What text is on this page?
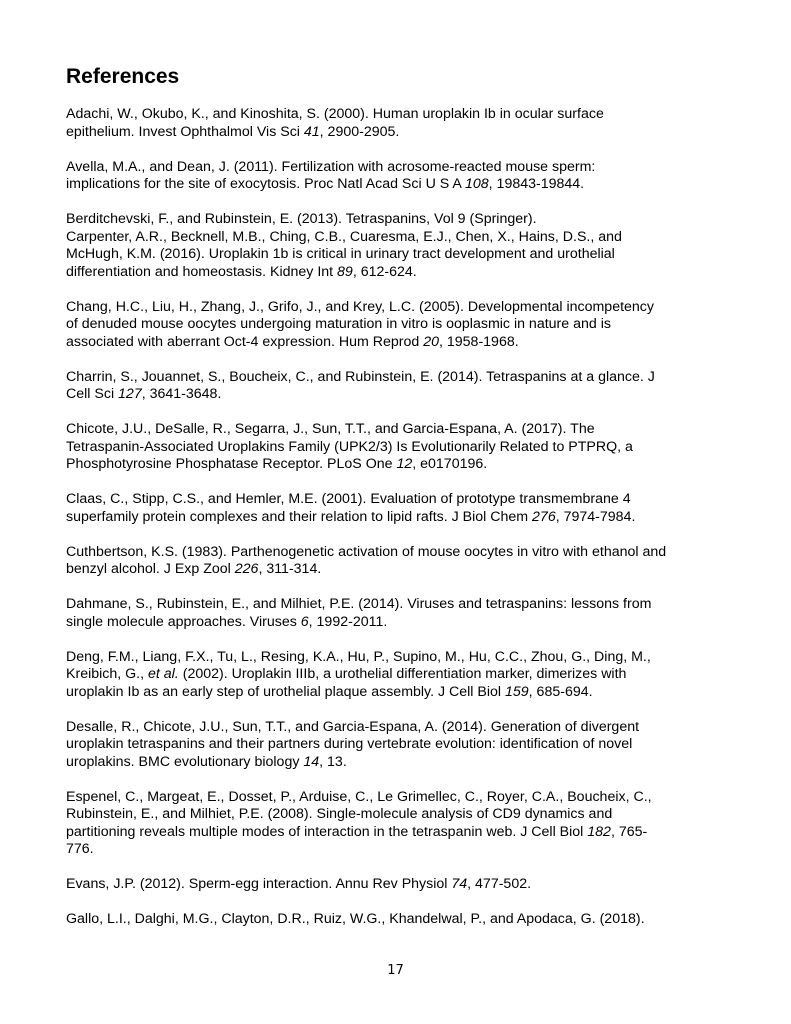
References
Adachi, W., Okubo, K., and Kinoshita, S. (2000). Human uroplakin Ib in ocular surface
epithelium. Invest Ophthalmol Vis Sci 41, 2900-2905.
Avella, M.A., and Dean, J. (2011). Fertilization with acrosome-reacted mouse sperm:
implications for the site of exocytosis. Proc Natl Acad Sci U S A 108, 19843-19844.
Berditchevski, F., and Rubinstein, E. (2013). Tetraspanins, Vol 9 (Springer).
Carpenter, A.R., Becknell, M.B., Ching, C.B., Cuaresma, E.J., Chen, X., Hains, D.S., and
McHugh, K.M. (2016). Uroplakin 1b is critical in urinary tract development and urothelial
differentiation and homeostasis. Kidney Int 89, 612-624.
Chang, H.C., Liu, H., Zhang, J., Grifo, J., and Krey, L.C. (2005). Developmental incompetency
of denuded mouse oocytes undergoing maturation in vitro is ooplasmic in nature and is
associated with aberrant Oct-4 expression. Hum Reprod 20, 1958-1968.
Charrin, S., Jouannet, S., Boucheix, C., and Rubinstein, E. (2014). Tetraspanins at a glance. J
Cell Sci 127, 3641-3648.
Chicote, J.U., DeSalle, R., Segarra, J., Sun, T.T., and Garcia-Espana, A. (2017). The
Tetraspanin-Associated Uroplakins Family (UPK2/3) Is Evolutionarily Related to PTPRQ, a
Phosphotyrosine Phosphatase Receptor. PLoS One 12, e0170196.
Claas, C., Stipp, C.S., and Hemler, M.E. (2001). Evaluation of prototype transmembrane 4
superfamily protein complexes and their relation to lipid rafts. J Biol Chem 276, 7974-7984.
Cuthbertson, K.S. (1983). Parthenogenetic activation of mouse oocytes in vitro with ethanol and
benzyl alcohol. J Exp Zool 226, 311-314.
Dahmane, S., Rubinstein, E., and Milhiet, P.E. (2014). Viruses and tetraspanins: lessons from
single molecule approaches. Viruses 6, 1992-2011.
Deng, F.M., Liang, F.X., Tu, L., Resing, K.A., Hu, P., Supino, M., Hu, C.C., Zhou, G., Ding, M.,
Kreibich, G., et al. (2002). Uroplakin IIIb, a urothelial differentiation marker, dimerizes with
uroplakin Ib as an early step of urothelial plaque assembly. J Cell Biol 159, 685-694.
Desalle, R., Chicote, J.U., Sun, T.T., and Garcia-Espana, A. (2014). Generation of divergent
uroplakin tetraspanins and their partners during vertebrate evolution: identification of novel
uroplakins. BMC evolutionary biology 14, 13.
Espenel, C., Margeat, E., Dosset, P., Arduise, C., Le Grimellec, C., Royer, C.A., Boucheix, C.,
Rubinstein, E., and Milhiet, P.E. (2008). Single-molecule analysis of CD9 dynamics and
partitioning reveals multiple modes of interaction in the tetraspanin web. J Cell Biol 182, 765-
776.
Evans, J.P. (2012). Sperm-egg interaction. Annu Rev Physiol 74, 477-502.
Gallo, L.I., Dalghi, M.G., Clayton, D.R., Ruiz, W.G., Khandelwal, P., and Apodaca, G. (2018).
17
